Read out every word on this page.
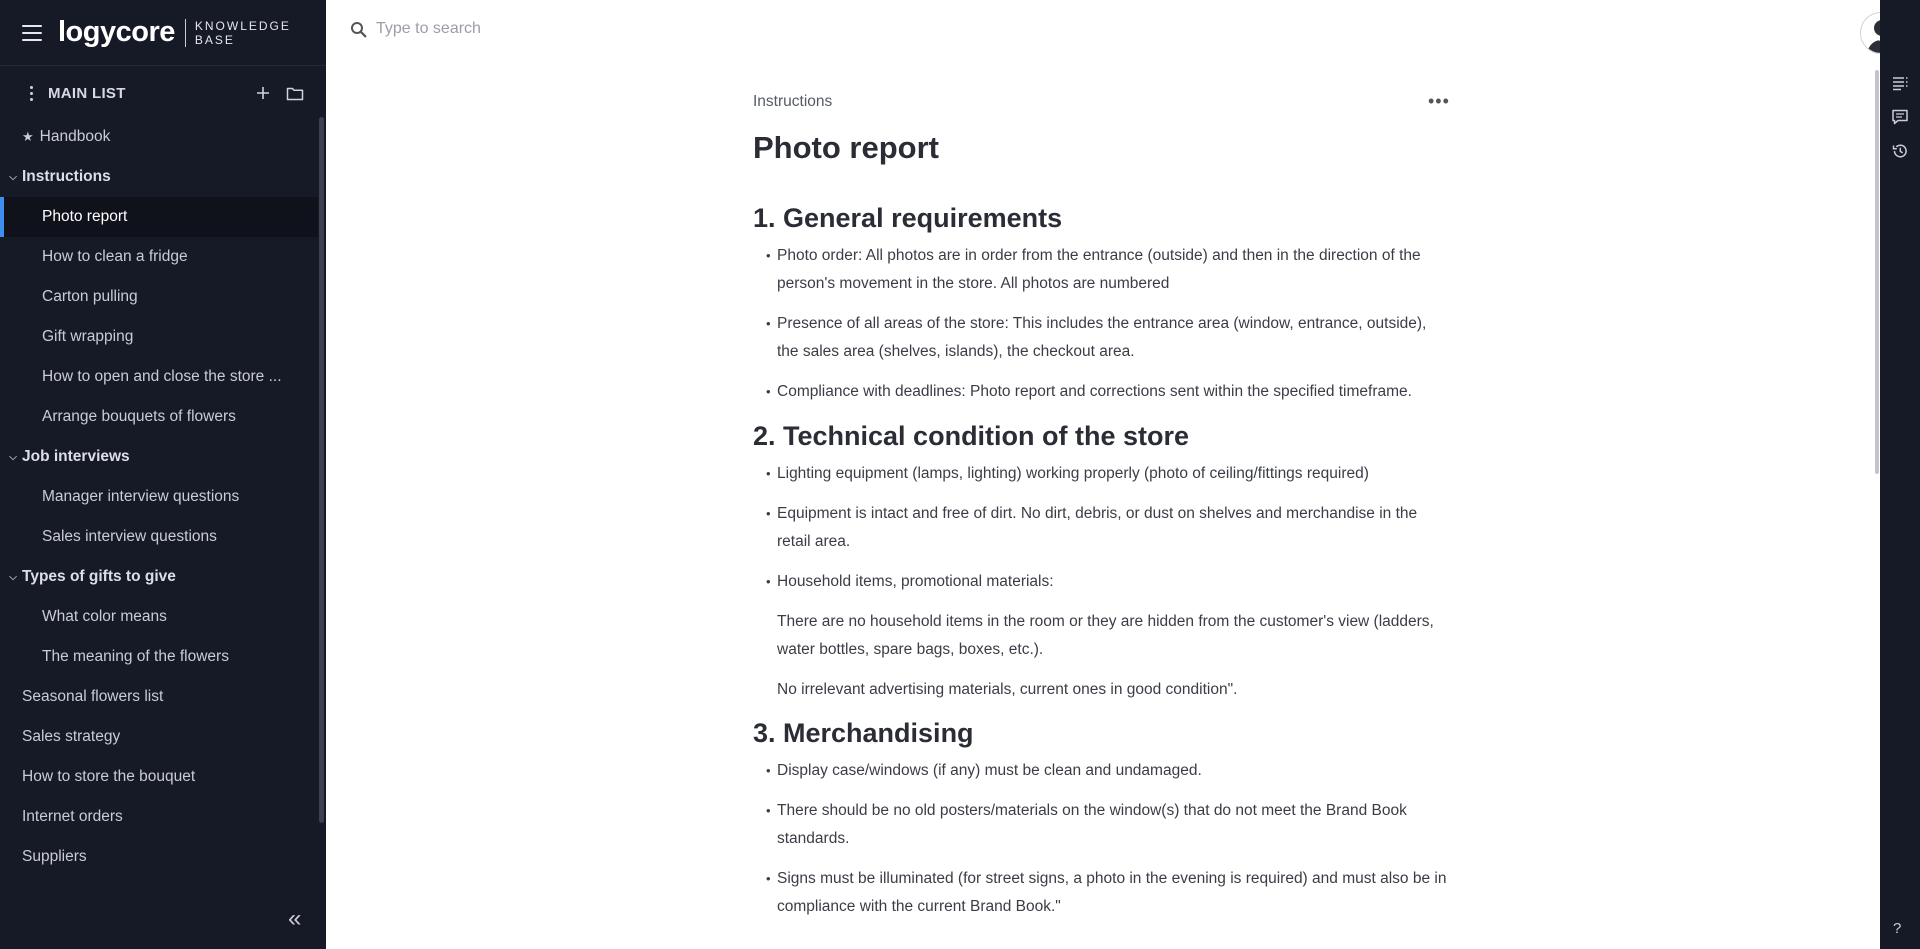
logycore KNOWLEDGE
BASE
MAIN LIST
★ Handbook
⌵ Instructions
Photo report
How to clean a fridge
Carton pulling
Gift wrapping
How to open and close the store ...
Arrange bouquets of flowers
⌵ Job interviews
Manager interview questions
Sales interview questions
⌵ Types of gifts to give
What color means
The meaning of the flowers
Seasonal flowers list
Sales strategy
How to store the bouquet
Internet orders
Suppliers
«
Type to search
Instructions	•••
Photo report
1. General requirements
• Photo order: All photos are in order from the entrance (outside) and then in the direction of the person's movement in the store. All photos are numbered
• Presence of all areas of the store: This includes the entrance area (window, entrance, outside), the sales area (shelves, islands), the checkout area.
• Compliance with deadlines: Photo report and corrections sent within the specified timeframe.
2. Technical condition of the store
• Lighting equipment (lamps, lighting) working properly (photo of ceiling/fittings required)
• Equipment is intact and free of dirt. No dirt, debris, or dust on shelves and merchandise in the retail area.
• Household items, promotional materials:

There are no household items in the room or they are hidden from the customer's view (ladders, water bottles, spare bags, boxes, etc.).

No irrelevant advertising materials, current ones in good condition".

3. Merchandising
• Display case/windows (if any) must be clean and undamaged.
• There should be no old posters/materials on the window(s) that do not meet the Brand Book standards.
• Signs must be illuminated (for street signs, a photo in the evening is required) and must also be in compliance with the current Brand Book."
?
